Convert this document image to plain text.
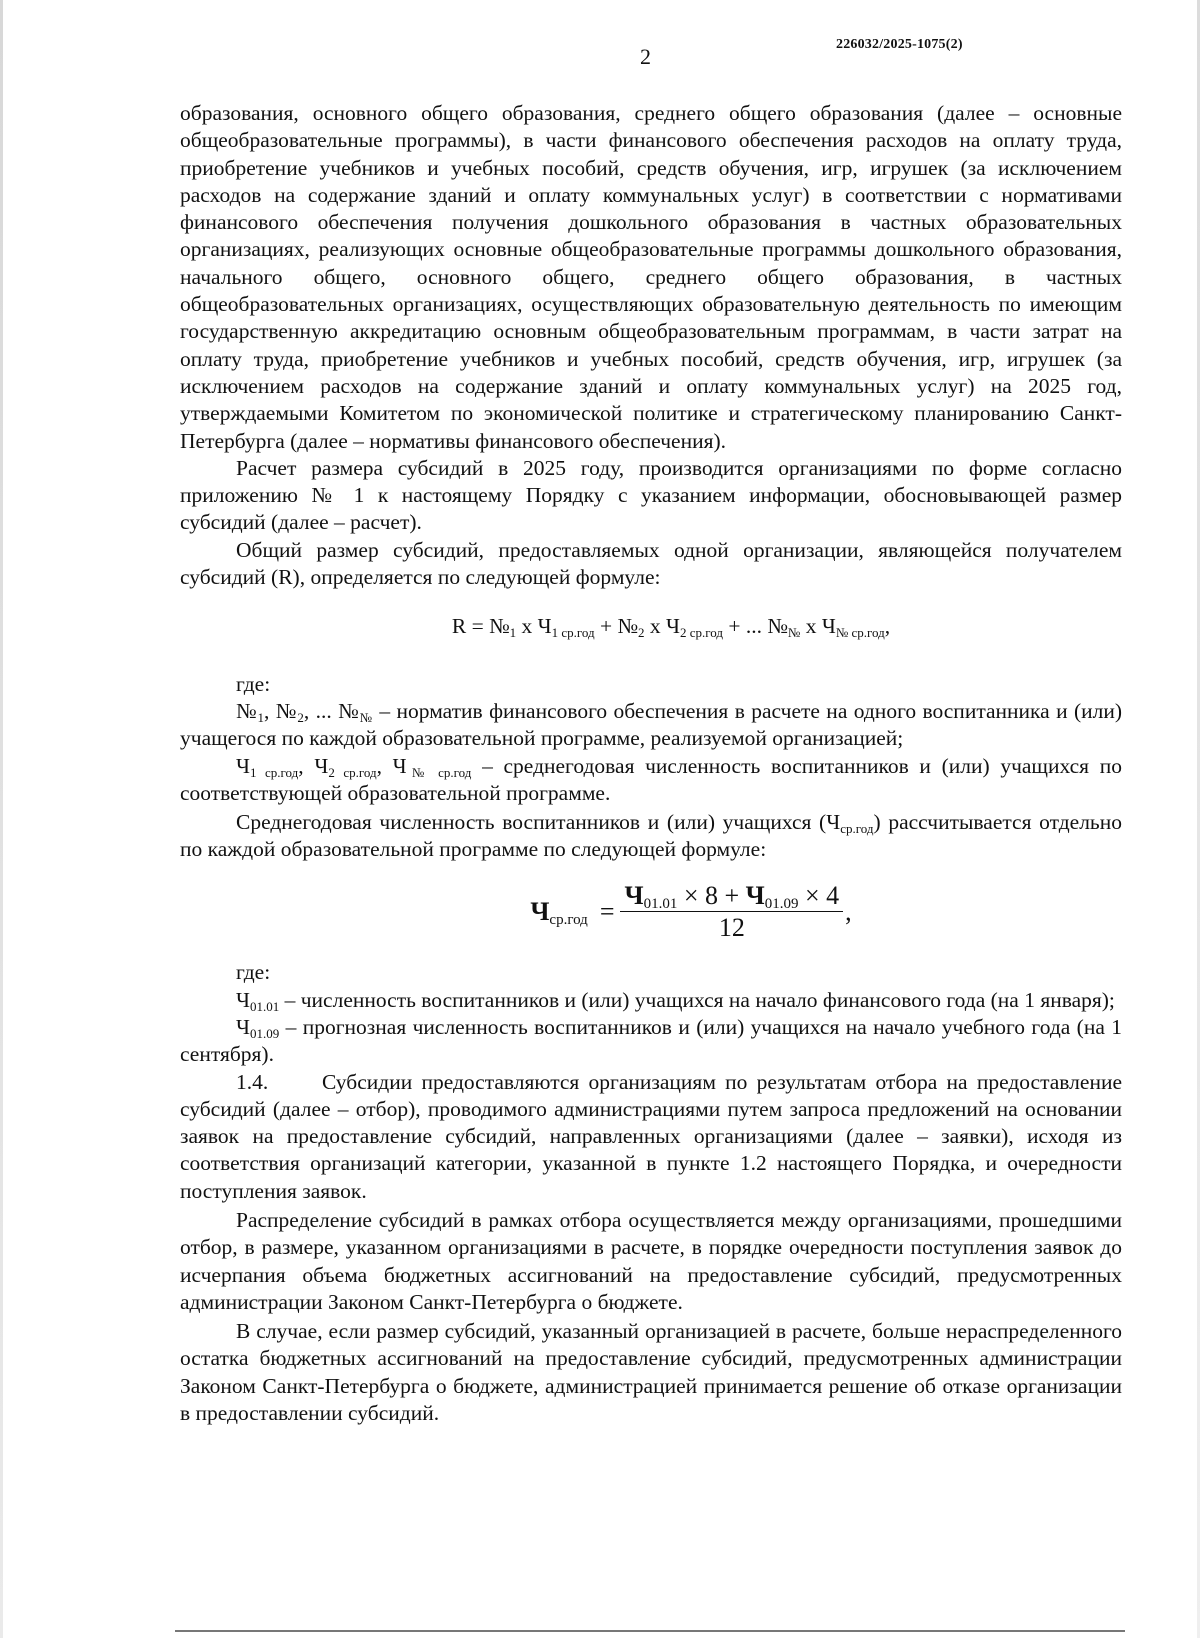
226032/2025-1075(2)
2

образования, основного общего образования, среднего общего образования (далее – основные общеобразовательные программы), в части финансового обеспечения расходов на оплату труда, приобретение учебников и учебных пособий, средств обучения, игр, игрушек (за исключением расходов на содержание зданий и оплату коммунальных услуг) в соответствии с нормативами финансового обеспечения получения дошкольного образования в частных образовательных организациях, реализующих основные общеобразовательные программы дошкольного образования, начального общего, основного общего, среднего общего образования, в частных общеобразовательных организациях, осуществляющих образовательную деятельность по имеющим государственную аккредитацию основным общеобразовательным программам, в части затрат на оплату труда, приобретение учебников и учебных пособий, средств обучения, игр, игрушек (за исключением расходов на содержание зданий и оплату коммунальных услуг) на 2025 год, утверждаемыми Комитетом по экономической политике и стратегическому планированию Санкт-Петербурга (далее – нормативы финансового обеспечения).

Расчет размера субсидий в 2025 году, производится организациями по форме согласно приложению № 1 к настоящему Порядку с указанием информации, обосновывающей размер субсидий (далее – расчет).

Общий размер субсидий, предоставляемых одной организации, являющейся получателем субсидий (R), определяется по следующей формуле:

$R = №_1$ x $Ч_{1 ср.год}$ + $№_2$ x $Ч_{2 ср.год}$ + ... $№_№$ x $Ч_{№ ср.год}$,

где:

$№_1$, $№_2$, ... $№_№$ – норматив финансового обеспечения в расчете на одного воспитанника и (или) учащегося по каждой образовательной программе, реализуемой организацией;

$Ч_{1 ср.год}$, $Ч_{2 ср.год}$, $Ч_{№ ср.год}$ – среднегодовая численность воспитанников и (или) учащихся по соответствующей образовательной программе.

Среднегодовая численность воспитанников и (или) учащихся $(Ч_{ср.год})$ рассчитывается отдельно по каждой образовательной программе по следующей формуле:

$Ч_{ср.год} = \frac{Ч_{01.01} \times 8 + Ч_{01.09} \times 4}{12}$ ,

где:

$Ч_{01.01}$ – численность воспитанников и (или) учащихся на начало финансового года (на 1 января);

$Ч_{01.09}$ – прогнозная численность воспитанников и (или) учащихся на начало учебного года (на 1 сентября).

1.4.	Субсидии предоставляются организациям по результатам отбора на предоставление субсидий (далее – отбор), проводимого администрациями путем запроса предложений на основании заявок на предоставление субсидий, направленных организациями (далее – заявки), исходя из соответствия организаций категории, указанной в пункте 1.2 настоящего Порядка, и очередности поступления заявок.

Распределение субсидий в рамках отбора осуществляется между организациями, прошедшими отбор, в размере, указанном организациями в расчете, в порядке очередности поступления заявок до исчерпания объема бюджетных ассигнований на предоставление субсидий, предусмотренных администрации Законом Санкт-Петербурга о бюджете.

В случае, если размер субсидий, указанный организацией в расчете, больше нераспределенного остатка бюджетных ассигнований на предоставление субсидий, предусмотренных администрации Законом Санкт-Петербурга о бюджете, администрацией принимается решение об отказе организации в предоставлении субсидий.
